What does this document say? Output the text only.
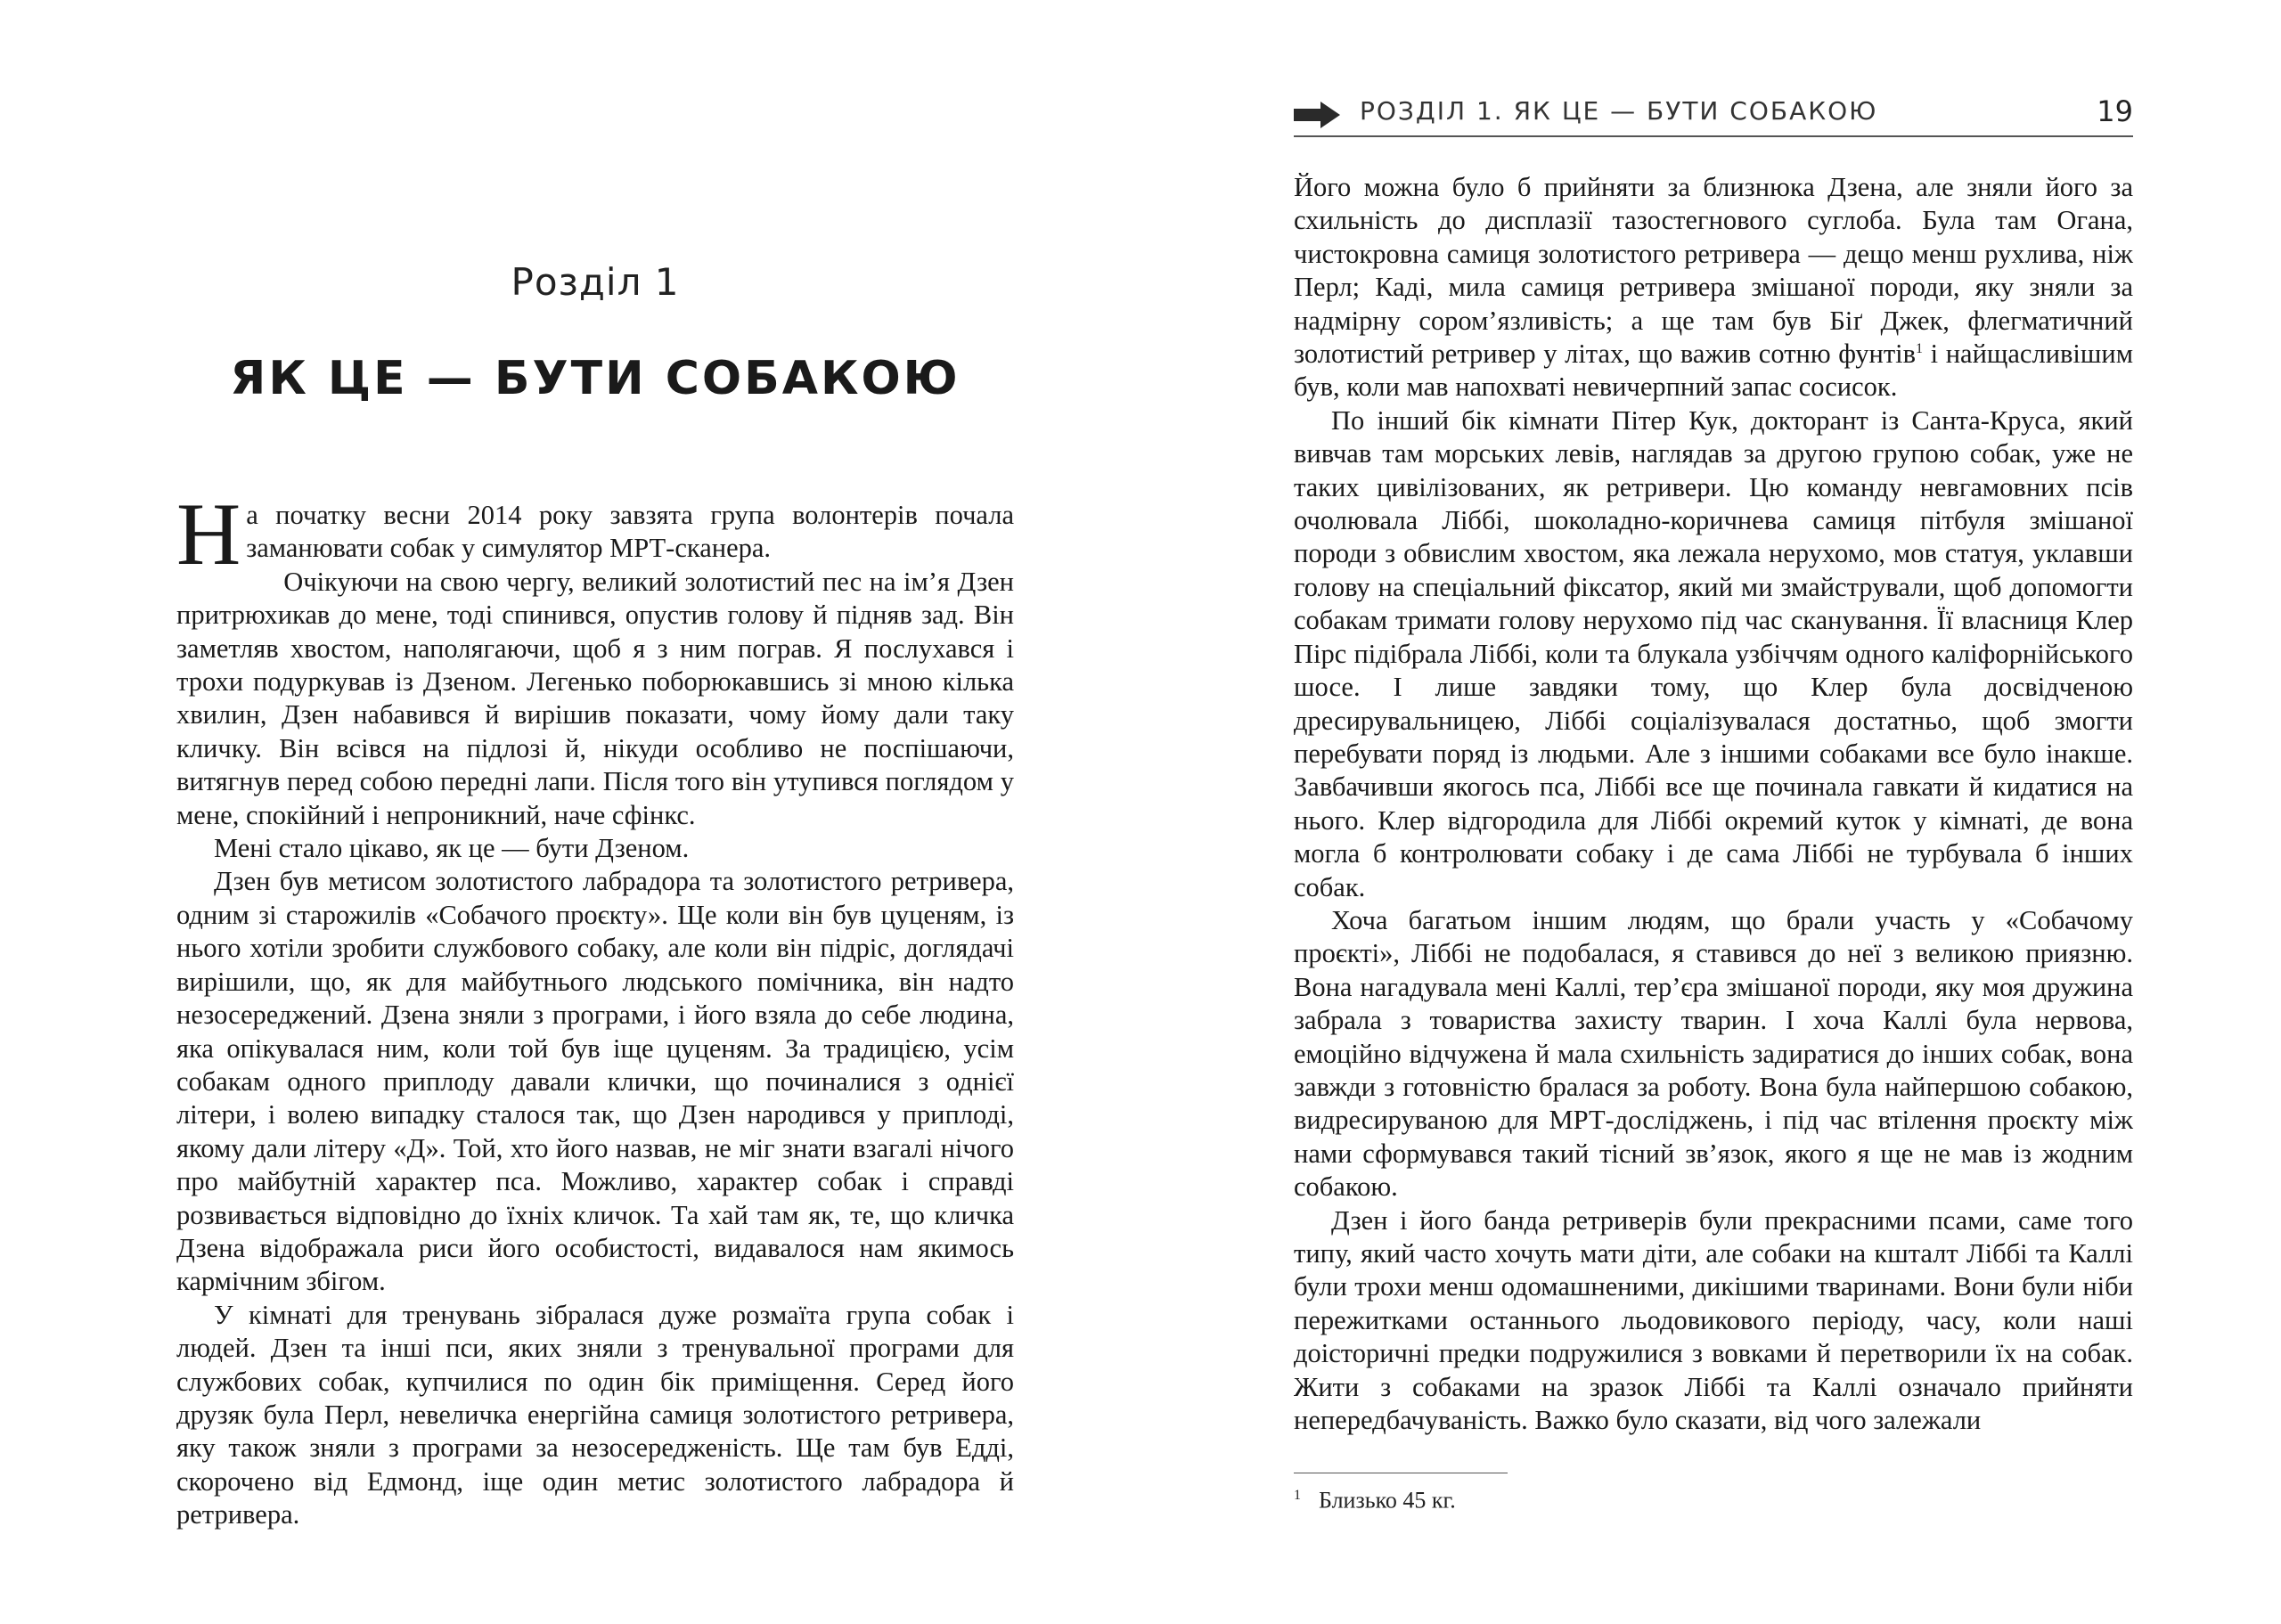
Розділ 1
ЯК ЦЕ — БУТИ СОБАКОЮ

На початку весни 2014 року завзята група волонтерів почала заманювати собак у симулятор МРТ-сканера.

Очікуючи на свою чергу, великий золотистий пес на ім’я Дзен притрюхикав до мене, тоді спинився, опустив голову й підняв зад. Він заметляв хвостом, наполягаючи, щоб я з ним пограв. Я послухався і трохи подуркував із Дзеном. Легенько поборюкавшись зі мною кілька хвилин, Дзен набавився й вирішив показати, чому йому дали таку кличку. Він всівся на підлозі й, нікуди особливо не поспішаючи, витягнув перед собою передні лапи. Після того він утупився поглядом у мене, спокійний і непроникний, наче сфінкс.

Мені стало цікаво, як це — бути Дзеном.

Дзен був метисом золотистого лабрадора та золотистого ретривера, одним зі старожилів «Собачого проєкту». Ще коли він був цуценям, із нього хотіли зробити службового собаку, але коли він підріс, доглядачі вирішили, що, як для майбутнього людського помічника, він надто незосереджений. Дзена зняли з програми, і його взяла до себе людина, яка опікувалася ним, коли той був іще цуценям. За традицією, усім собакам одного приплоду давали клички, що починалися з однієї літери, і волею випадку сталося так, що Дзен народився у приплоді, якому дали літеру «Д». Той, хто його назвав, не міг знати взагалі нічого про майбутній характер пса. Можливо, характер собак і справді розвивається відповідно до їхніх кличок. Та хай там як, те, що кличка Дзена відображала риси його особистості, видавалося нам якимось кармічним збігом.

У кімнаті для тренувань зібралася дуже розмаїта група собак і людей. Дзен та інші пси, яких зняли з тренувальної програми для службових собак, купчилися по один бік приміщення. Серед його друзяк була Перл, невеличка енергійна самиця золотистого ретривера, яку також зняли з програми за незосередженість. Ще там був Едді, скорочено від Едмонд, іще один метис золотистого лабрадора й ретривера.

РОЗДІЛ 1. ЯК ЦЕ — БУТИ СОБАКОЮ	19

Його можна було б прийняти за близнюка Дзена, але зняли його за схильність до дисплазії тазостегнового суглоба. Була там Огана, чистокровна самиця золотистого ретривера — дещо менш рухлива, ніж Перл; Каді, мила самиця ретривера змішаної породи, яку зняли за надмірну сором’язливість; а ще там був Біґ Джек, флегматичний золотистий ретривер у літах, що важив сотню фунтів$^1$ і найщасливішим був, коли мав напохваті невичерпний запас сосисок.

По інший бік кімнати Пітер Кук, докторант із Санта-Круса, який вивчав там морських левів, наглядав за другою групою собак, уже не таких цивілізованих, як ретривери. Цю команду невгамовних псів очолювала Ліббі, шоколадно-коричнева самиця пітбуля змішаної породи з обвислим хвостом, яка лежала нерухомо, мов статуя, уклавши голову на спеціальний фіксатор, який ми змайстрували, щоб допомогти собакам тримати голову нерухомо під час сканування. Її власниця Клер Пірс підібрала Ліббі, коли та блукала узбіччям одного каліфорнійського шосе. І лише завдяки тому, що Клер була досвідченою дресирувальницею, Ліббі соціалізувалася достатньо, щоб змогти перебувати поряд із людьми. Але з іншими собаками все було інакше. Завбачивши якогось пса, Ліббі все ще починала гавкати й кидатися на нього. Клер відгородила для Ліббі окремий куток у кімнаті, де вона могла б контролювати собаку і де сама Ліббі не турбувала б інших собак.

Хоча багатьом іншим людям, що брали участь у «Собачому проєкті», Ліббі не подобалася, я ставився до неї з великою приязню. Вона нагадувала мені Каллі, тер’єра змішаної породи, яку моя дружина забрала з товариства захисту тварин. І хоча Каллі була нервова, емоційно відчужена й мала схильність задиратися до інших собак, вона завжди з готовністю бралася за роботу. Вона була найпершою собакою, видресируваною для МРТ-досліджень, і під час втілення проєкту між нами сформувався такий тісний зв’язок, якого я ще не мав із жодним собакою.

Дзен і його банда ретриверів були прекрасними псами, саме того типу, який часто хочуть мати діти, але собаки на кшталт Ліббі та Каллі були трохи менш одомашненими, дикішими тваринами. Вони були ніби пережитками останнього льодовикового періоду, часу, коли наші доісторичні предки подружилися з вовками й перетворили їх на собак. Жити з собаками на зразок Ліббі та Каллі означало прийняти непередбачуваність. Важко було сказати, від чого залежали

$^1$ Близько 45 кг.
